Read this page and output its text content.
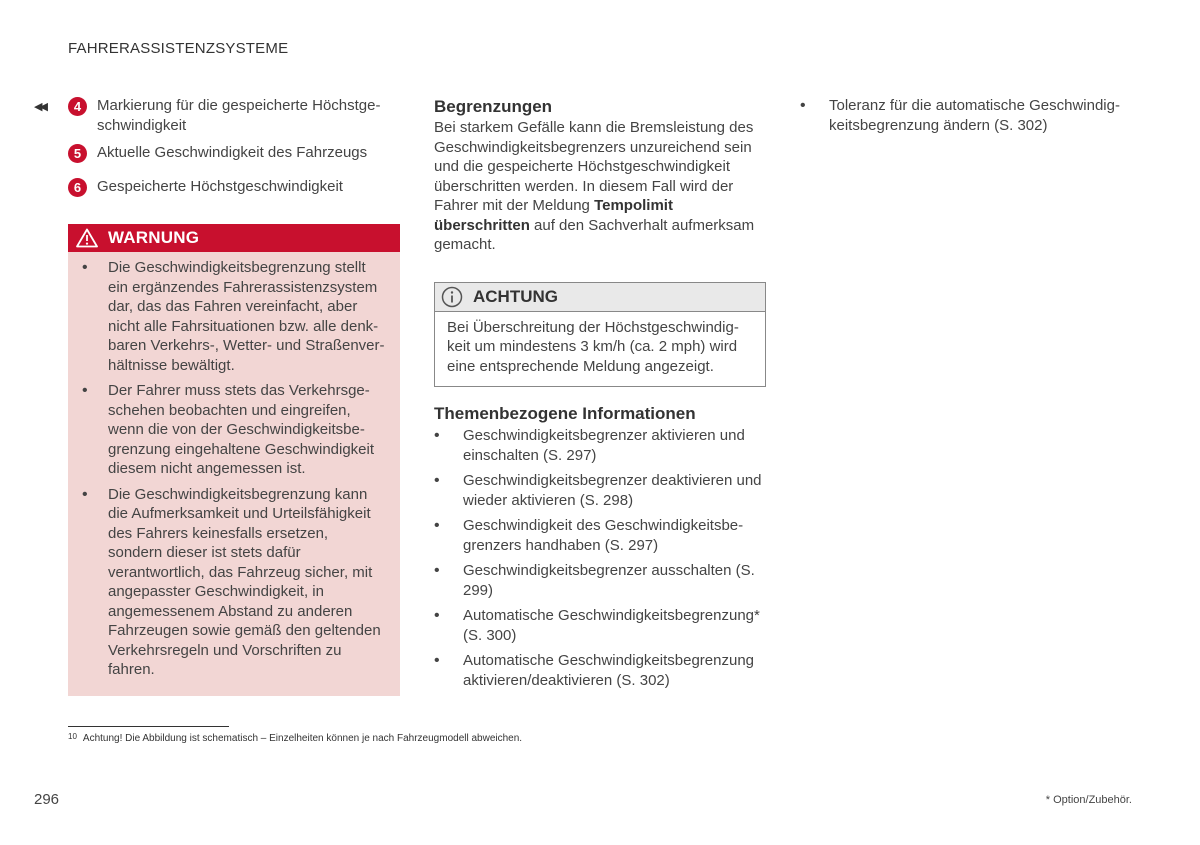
FAHRERASSISTENZSYSTEME
◀◀	4	Markierung für die gespeicherte Höchstgeschwindigkeit
5	Aktuelle Geschwindigkeit des Fahrzeugs
6	Gespeicherte Höchstgeschwindigkeit
WARNUNG
• Die Geschwindigkeitsbegrenzung stellt ein ergänzendes Fahrerassistenzsystem dar, das das Fahren vereinfacht, aber nicht alle Fahrsituationen bzw. alle denkbaren Verkehrs-, Wetter- und Straßenverhältnisse bewältigt.
• Der Fahrer muss stets das Verkehrsgeschehen beobachten und eingreifen, wenn die von der Geschwindigkeitsbegrenzung eingehaltene Geschwindigkeit diesem nicht angemessen ist.
• Die Geschwindigkeitsbegrenzung kann die Aufmerksamkeit und Urteilsfähigkeit des Fahrers keinesfalls ersetzen, sondern dieser ist stets dafür verantwortlich, das Fahrzeug sicher, mit angepasster Geschwindigkeit, in angemessenem Abstand zu anderen Fahrzeugen sowie gemäß den geltenden Verkehrsregeln und Vorschriften zu fahren.
Begrenzungen

Bei starkem Gefälle kann die Bremsleistung des Geschwindigkeitsbegrenzers unzureichend sein und die gespeicherte Höchstgeschwindigkeit überschritten werden. In diesem Fall wird der Fahrer mit der Meldung Tempolimit überschritten auf den Sachverhalt aufmerksam gemacht.

ACHTUNG
Bei Überschreitung der Höchstgeschwindigkeit um mindestens 3 km/h (ca. 2 mph) wird eine entsprechende Meldung angezeigt.
Themenbezogene Informationen
• Geschwindigkeitsbegrenzer aktivieren und einschalten (S. 297)
• Geschwindigkeitsbegrenzer deaktivieren und wieder aktivieren (S. 298)
• Geschwindigkeit des Geschwindigkeitsbegrenzers handhaben (S. 297)
• Geschwindigkeitsbegrenzer ausschalten (S. 299)
• Automatische Geschwindigkeitsbegrenzung* (S. 300)
• Automatische Geschwindigkeitsbegrenzung aktivieren/deaktivieren (S. 302)
• Toleranz für die automatische Geschwindigkeitsbegrenzung ändern (S. 302)
$^{10}$ Achtung! Die Abbildung ist schematisch – Einzelheiten können je nach Fahrzeugmodell abweichen.
296	* Option/Zubehör.
